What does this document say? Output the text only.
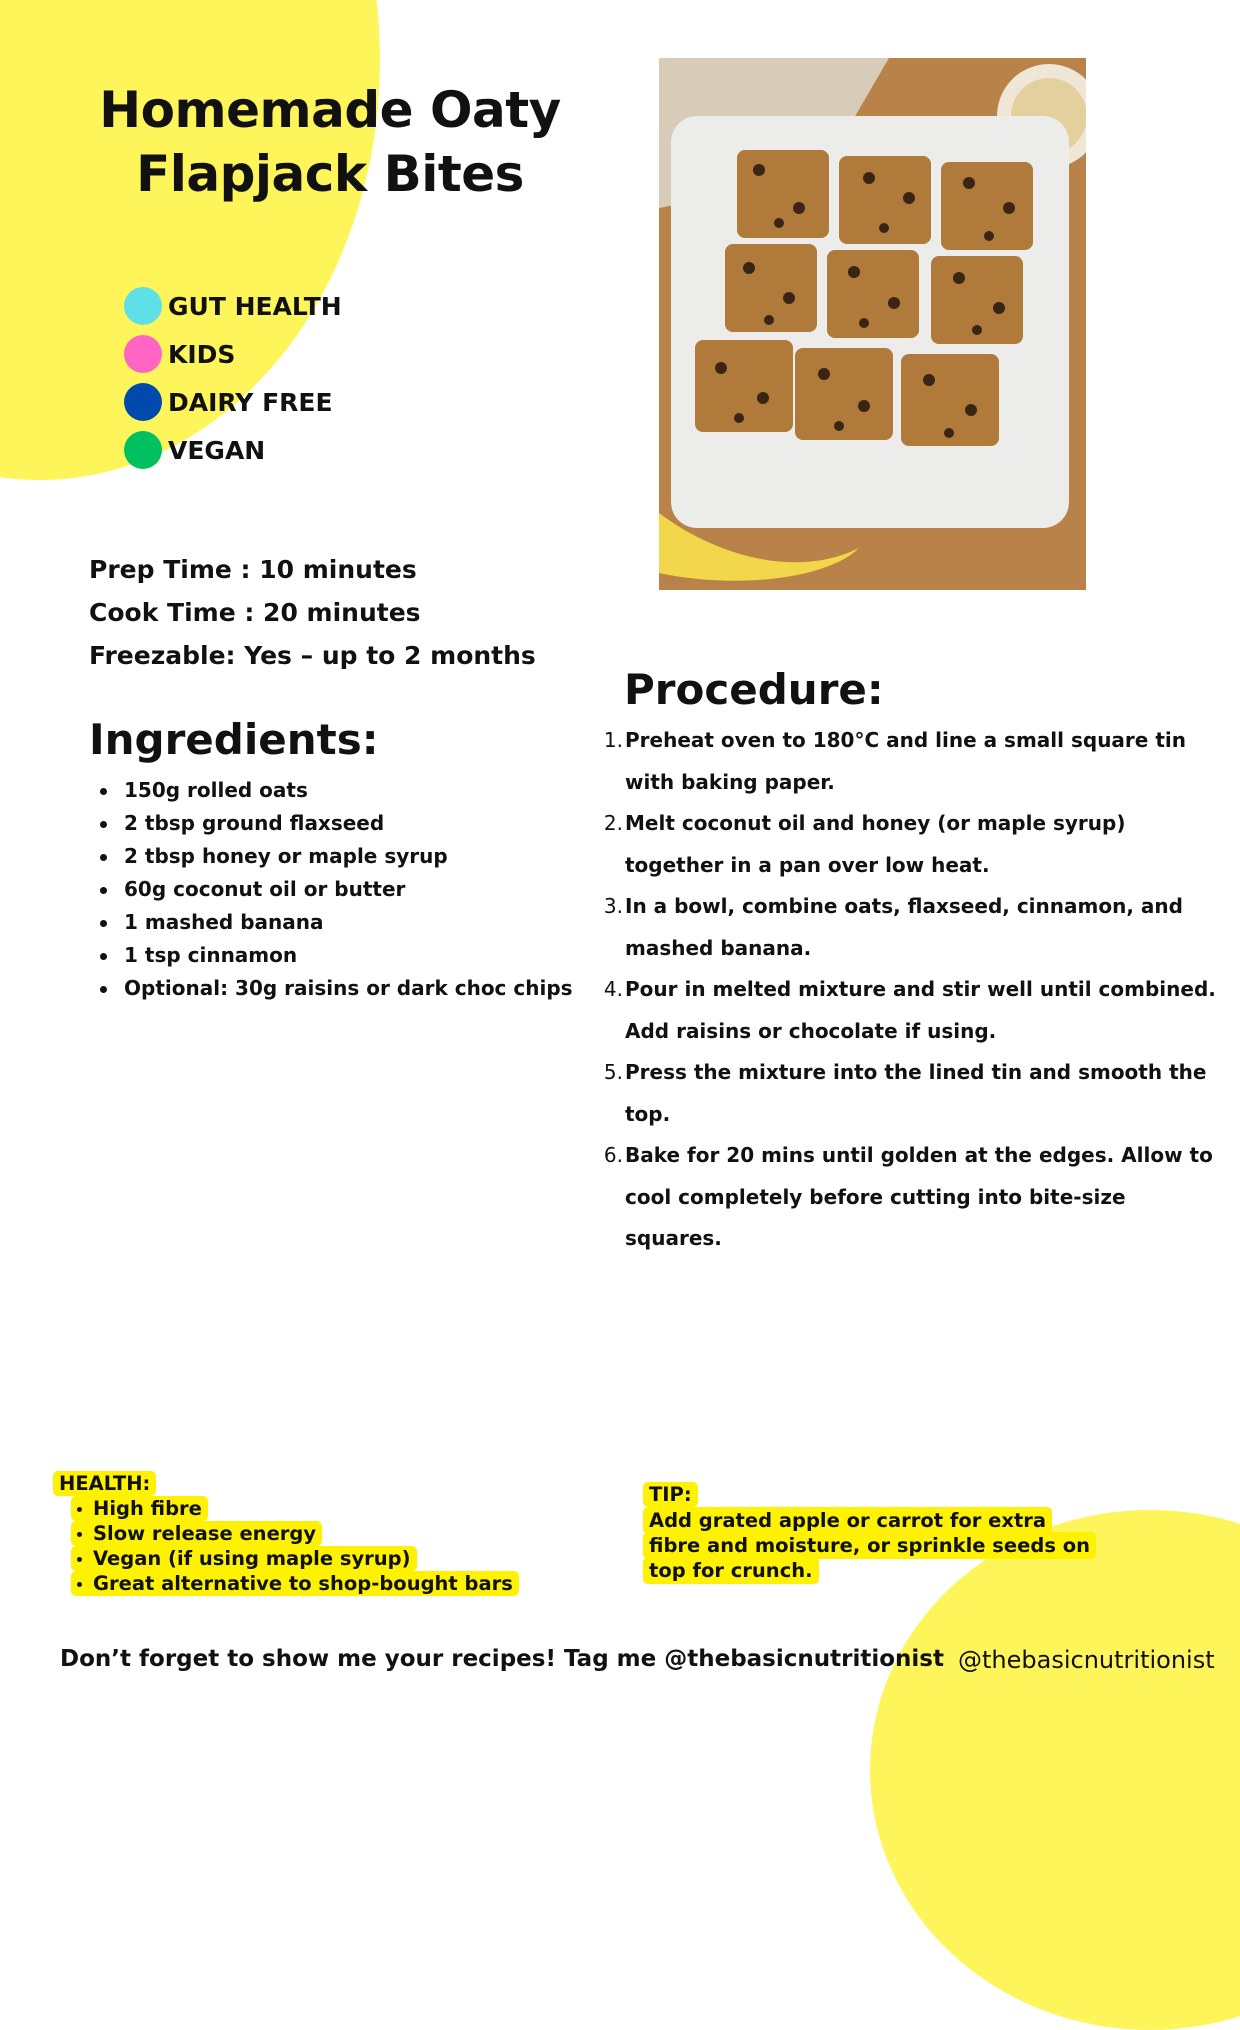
Homemade Oaty
Flapjack Bites
GUT HEALTH
KIDS
DAIRY FREE
VEGAN
Prep Time : 10 minutes
Cook Time : 20 minutes
Freezable: Yes – up to 2 months
Ingredients:
150g rolled oats
2 tbsp ground flaxseed
2 tbsp honey or maple syrup
60g coconut oil or butter
1 mashed banana
1 tsp cinnamon
Optional: 30g raisins or dark choc chips
Procedure:
1. Preheat oven to 180°C and line a small square tin with baking paper.
2. Melt coconut oil and honey (or maple syrup) together in a pan over low heat.
3. In a bowl, combine oats, flaxseed, cinnamon, and mashed banana.
4. Pour in melted mixture and stir well until combined. Add raisins or chocolate if using.
5. Press the mixture into the lined tin and smooth the top.
6. Bake for 20 mins until golden at the edges. Allow to cool completely before cutting into bite-size squares.
HEALTH:
High fibre
Slow release energy
Vegan (if using maple syrup)
Great alternative to shop-bought bars
TIP:
Add grated apple or carrot for extra fibre and moisture, or sprinkle seeds on top for crunch.
Don’t forget to show me your recipes! Tag me @thebasicnutritionist @thebasicnutritionist
